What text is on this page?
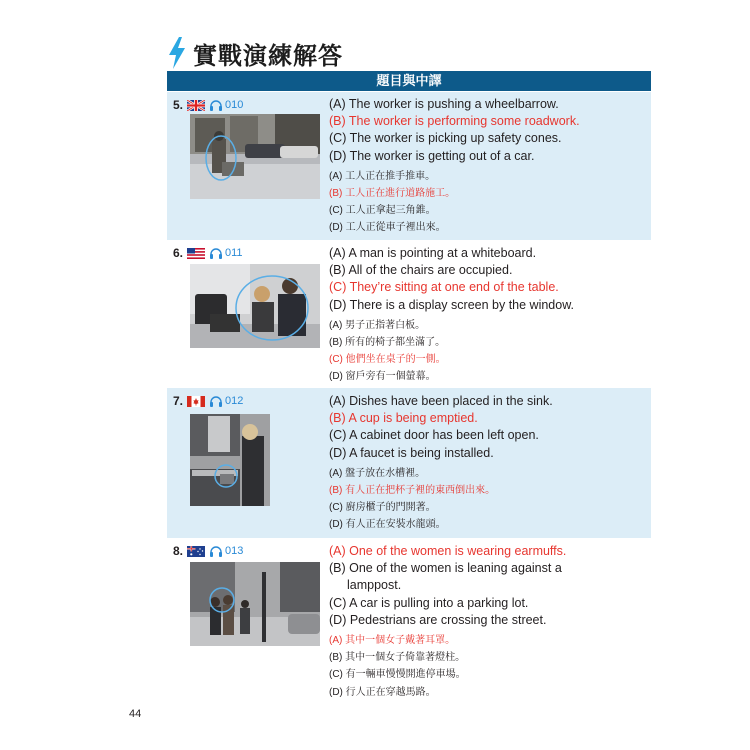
實戰演練解答
題目與中譯
5.	010	(A) The worker is pushing a wheelbarrow.
(B) The worker is performing some roadwork.
(C) The worker is picking up safety cones.
(D) The worker is getting out of a car.
(A) 工人正在推手推車。
(B) 工人正在進行道路施工。
(C) 工人正拿起三角錐。
(D) 工人正從車子裡出來。
6.	011	(A) A man is pointing at a whiteboard.
(B) All of the chairs are occupied.
(C) They’re sitting at one end of the table.
(D) There is a display screen by the window.
(A) 男子正指著白板。
(B) 所有的椅子都坐滿了。
(C) 他們坐在桌子的一側。
(D) 窗戶旁有一個螢幕。
7.	012	(A) Dishes have been placed in the sink.
(B) A cup is being emptied.
(C) A cabinet door has been left open.
(D) A faucet is being installed.
(A) 盤子放在水槽裡。
(B) 有人正在把杯子裡的東西倒出來。
(C) 廚房櫃子的門開著。
(D) 有人正在安裝水龍頭。
8.	013	(A) One of the women is wearing earmuffs.
(B) One of the women is leaning against a lamppost.
(C) A car is pulling into a parking lot.
(D) Pedestrians are crossing the street.
(A) 其中一個女子戴著耳罩。
(B) 其中一個女子倚靠著燈柱。
(C) 有一輛車慢慢開進停車場。
(D) 行人正在穿越馬路。
44
